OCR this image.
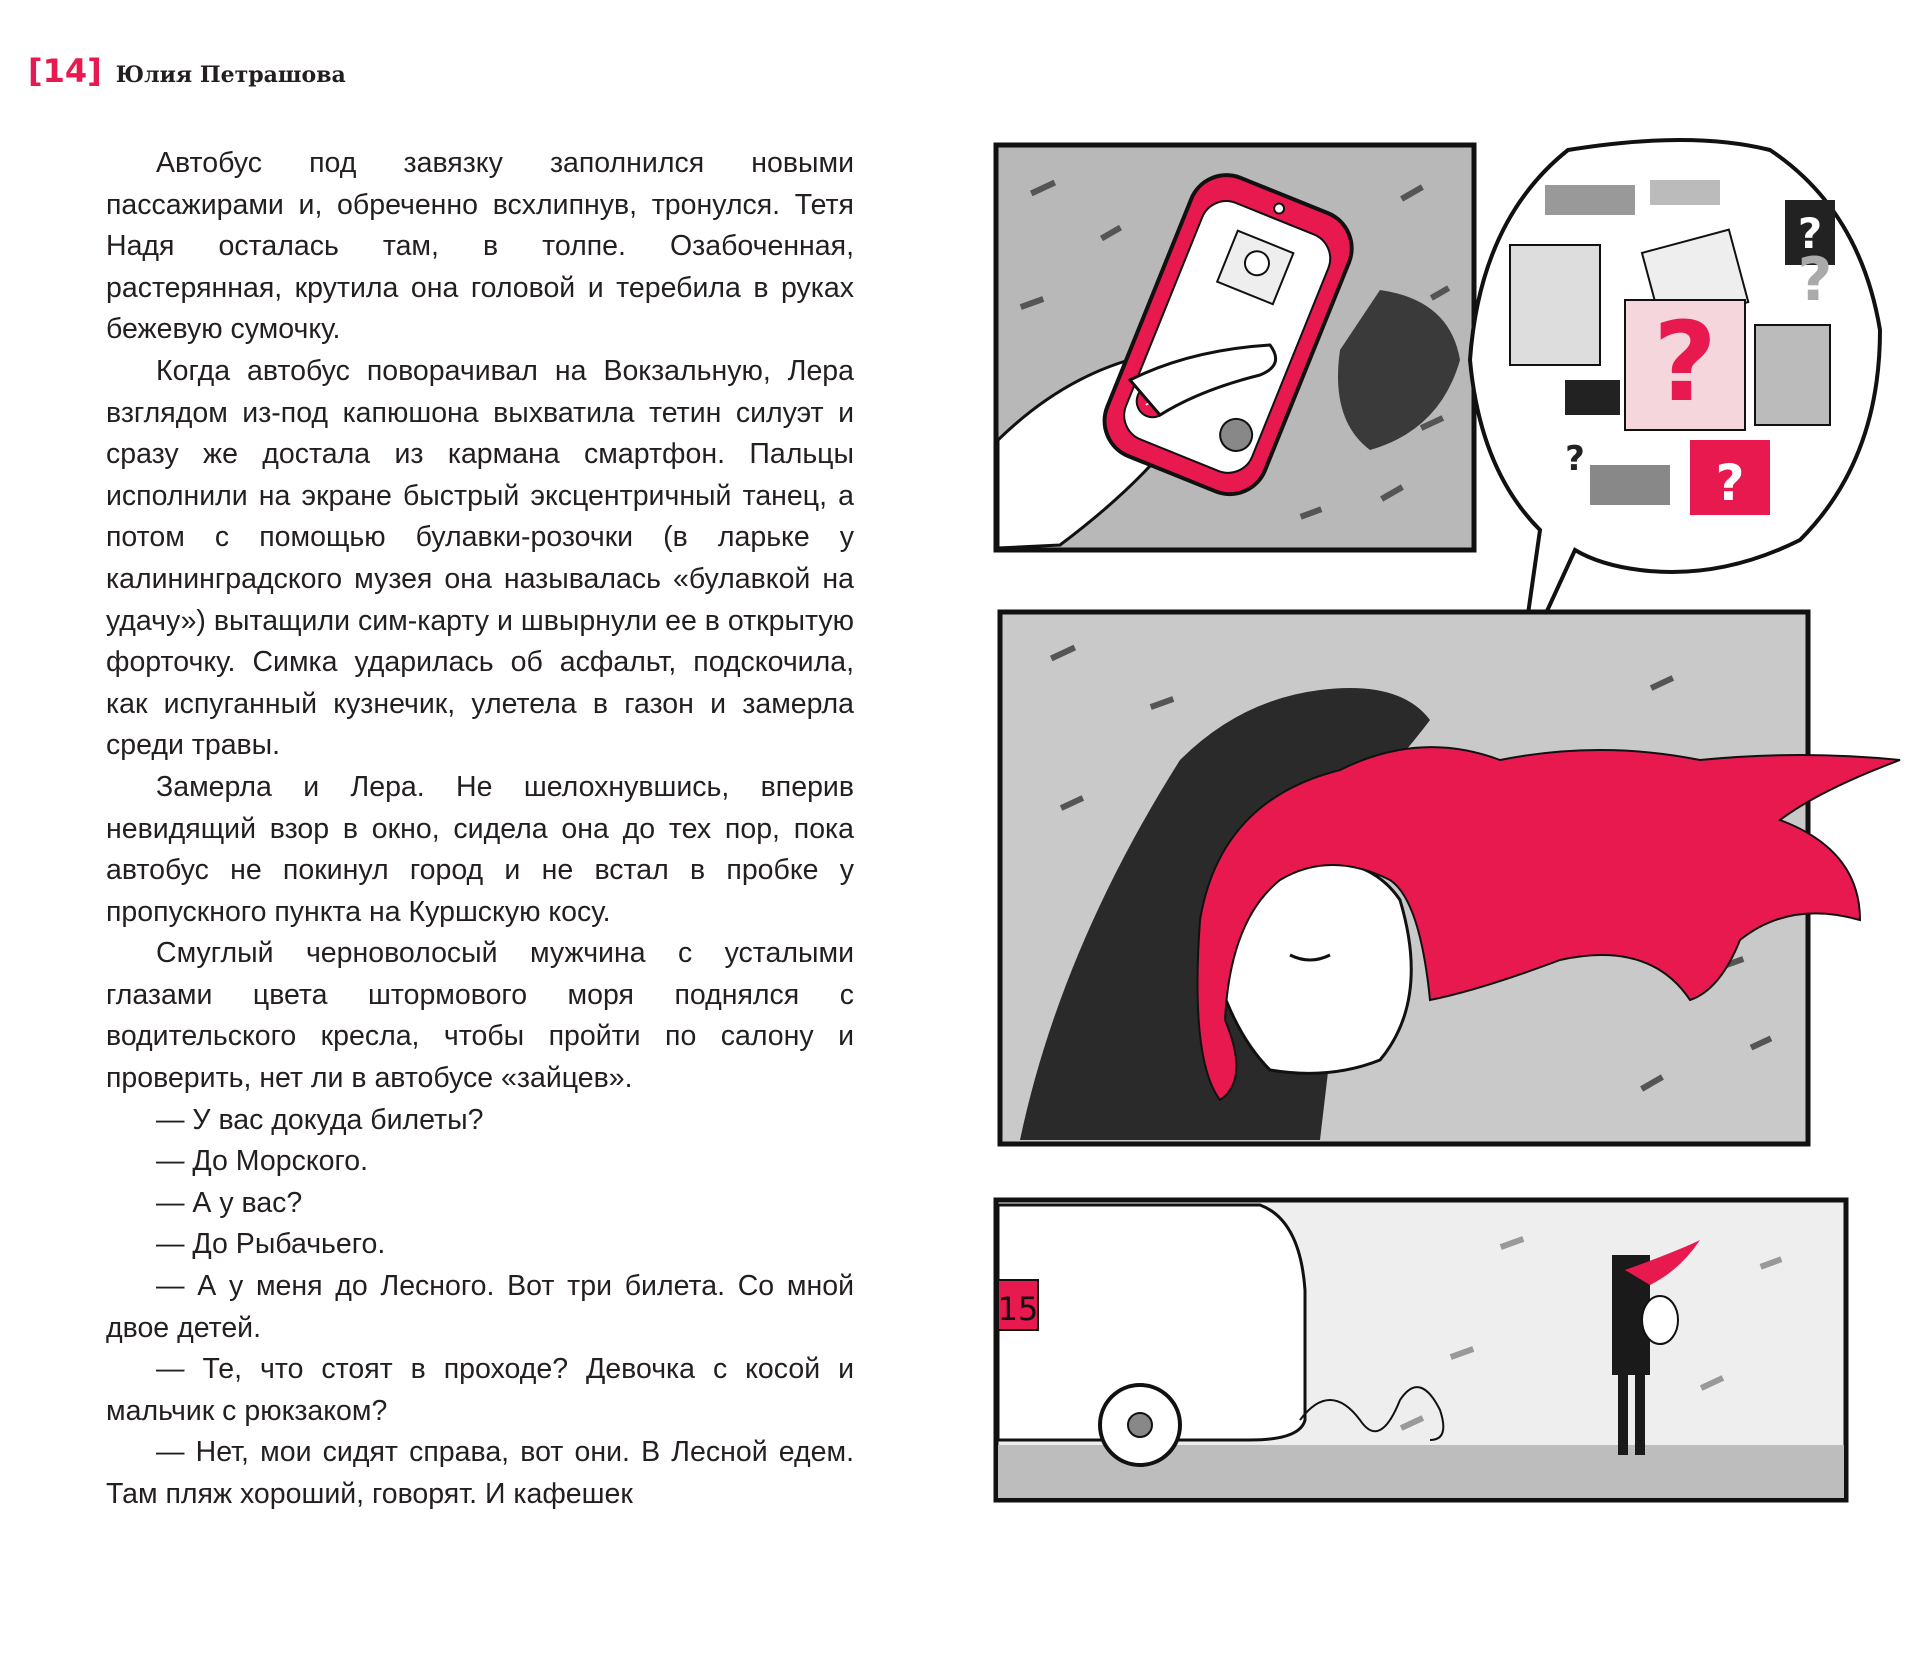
[14] Юлия Петрашова

Автобус под завязку заполнился новыми пассажирами и, обреченно всхлипнув, тронулся. Тетя Надя осталась там, в толпе. Озабоченная, растерянная, крутила она головой и теребила в руках бежевую сумочку.

Когда автобус поворачивал на Вокзальную, Лера взглядом из-под капюшона выхватила тетин силуэт и сразу же достала из кармана смартфон. Пальцы исполнили на экране быстрый эксцентричный танец, а потом с помощью булавки-розочки (в ларьке у калининградского музея она называлась «булавкой на удачу») вытащили сим-карту и швырнули ее в открытую форточку. Симка ударилась об асфальт, подскочила, как испуганный кузнечик, улетела в газон и замерла среди травы.

Замерла и Лера. Не шелохнувшись, вперив невидящий взор в окно, сидела она до тех пор, пока автобус не покинул город и не встал в пробке у пропускного пункта на Куршскую косу.

Смуглый черноволосый мужчина с усталыми глазами цвета штормового моря поднялся с водительского кресла, чтобы пройти по салону и проверить, нет ли в автобусе «зайцев».

— У вас докуда билеты?

— До Морского.

— А у вас?

— До Рыбачьего.

— А у меня до Лесного. Вот три билета. Со мной двое детей.

— Те, что стоят в проходе? Девочка с косой и мальчик с рюкзаком?

— Нет, мои сидят справа, вот они. В Лесной едем. Там пляж хороший, говорят. И кафешек

?
?
?
?	?
15
